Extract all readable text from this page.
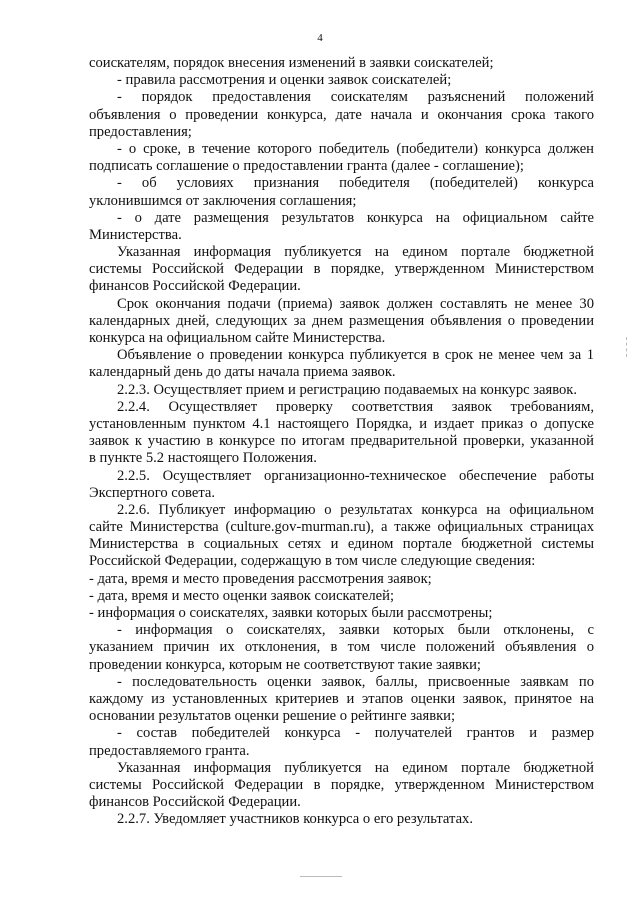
4
соискателям, порядок внесения изменений в заявки соискателей;
- правила рассмотрения и оценки заявок соискателей;
- порядок предоставления соискателям разъяснений положений
объявления о проведении конкурса, дате начала и окончания срока такого
предоставления;
- о сроке, в течение которого победитель (победители) конкурса должен
подписать соглашение о предоставлении гранта (далее - соглашение);
- об условиях признания победителя (победителей) конкурса
уклонившимся от заключения соглашения;
- о дате размещения результатов конкурса на официальном сайте
Министерства.
Указанная информация публикуется на едином портале бюджетной
системы Российской Федерации в порядке, утвержденном Министерством
финансов Российской Федерации.
Срок окончания подачи (приема) заявок должен составлять не менее 30
календарных дней, следующих за днем размещения объявления о проведении
конкурса на официальном сайте Министерства.
Объявление о проведении конкурса публикуется в срок не менее чем за 1
календарный день до даты начала приема заявок.
2.2.3. Осуществляет прием и регистрацию подаваемых на конкурс заявок.
2.2.4. Осуществляет проверку соответствия заявок требованиям,
установленным пунктом 4.1 настоящего Порядка, и издает приказ о допуске
заявок к участию в конкурсе по итогам предварительной проверки, указанной
в пункте 5.2 настоящего Положения.
2.2.5. Осуществляет организационно-техническое обеспечение работы
Экспертного совета.
2.2.6. Публикует информацию о результатах конкурса на официальном
сайте Министерства (culture.gov-murman.ru), а также официальных страницах
Министерства в социальных сетях и едином портале бюджетной системы
Российской Федерации, содержащую в том числе следующие сведения:
- дата, время и место проведения рассмотрения заявок;
- дата, время и место оценки заявок соискателей;
- информация о соискателях, заявки которых были рассмотрены;
- информация о соискателях, заявки которых были отклонены, с
указанием причин их отклонения, в том числе положений объявления о
проведении конкурса, которым не соответствуют такие заявки;
- последовательность оценки заявок, баллы, присвоенные заявкам по
каждому из установленных критериев и этапов оценки заявок, принятое на
основании результатов оценки решение о рейтинге заявки;
- состав победителей конкурса - получателей грантов и размер
предоставляемого гранта.
Указанная информация публикуется на едином портале бюджетной
системы Российской Федерации в порядке, утвержденном Министерством
финансов Российской Федерации.
2.2.7. Уведомляет участников конкурса о его результатах.
